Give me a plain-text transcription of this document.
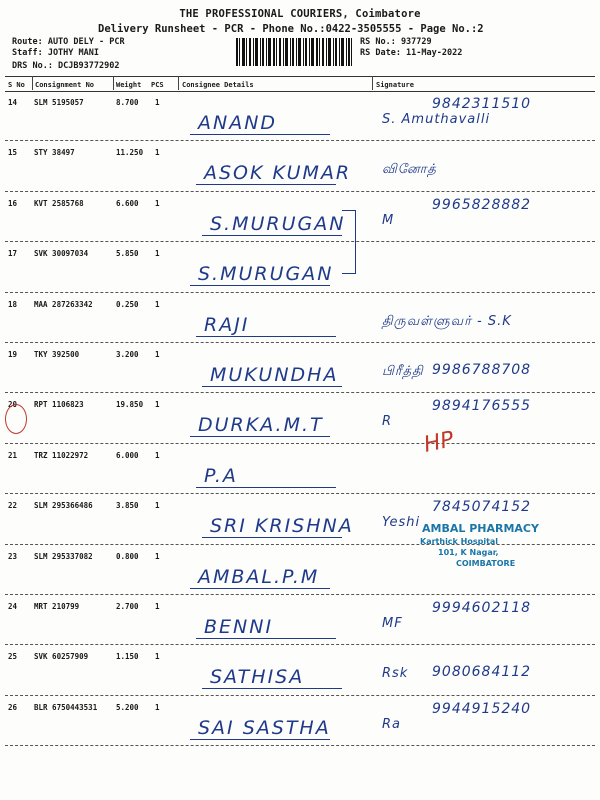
THE PROFESSIONAL COURIERS, Coimbatore
Delivery Runsheet - PCR - Phone No.:0422-3505555 - Page No.:2
Route: AUTO DELY - PCR
Staff: JOTHY MANI
DRS No.: DCJB93772902
RS No.: 937729
RS Date: 11-May-2022
S No Consignment No	Weight PCS	Consignee Details	Signature
14 SLM 5195057	8.700 1
ANAND	S. Amuthavalli
9842311510
15 STY 38497	11.250 1
ASOK KUMAR வினோத்
16 KVT 2585768	6.600 1
S.MURUGAN	M
9965828882
17 SVK 30097034	5.850 1
S.MURUGAN
18 MAA 287263342	0.250 1
RAJI	திருவள்ளுவர் - S.K
19 TKY 392500	3.200 1
MUKUNDHA	பிரீத்தி 9986788708
20 RPT 1106823	19.850 1
DURKA.M.T	R
9894176555
21 TRZ 11022972	6.000 1
P.A
22 SLM 295366486	3.850 1
SRI KRISHNA Yeshi
7845074152
23 SLM 295337082	0.800 1
AMBAL.P.M
24 MRT 210799	2.700 1
BENNI	MF
9994602118
25 SVK 60257909	1.150 1
SATHISA	Rsk 9080684112
26 BLR 6750443531	5.200 1
SAI SASTHA	Ra
9944915240
HP
AMBAL PHARMACY
Karthick Hospital
101, K Nagar,
COIMBATORE
